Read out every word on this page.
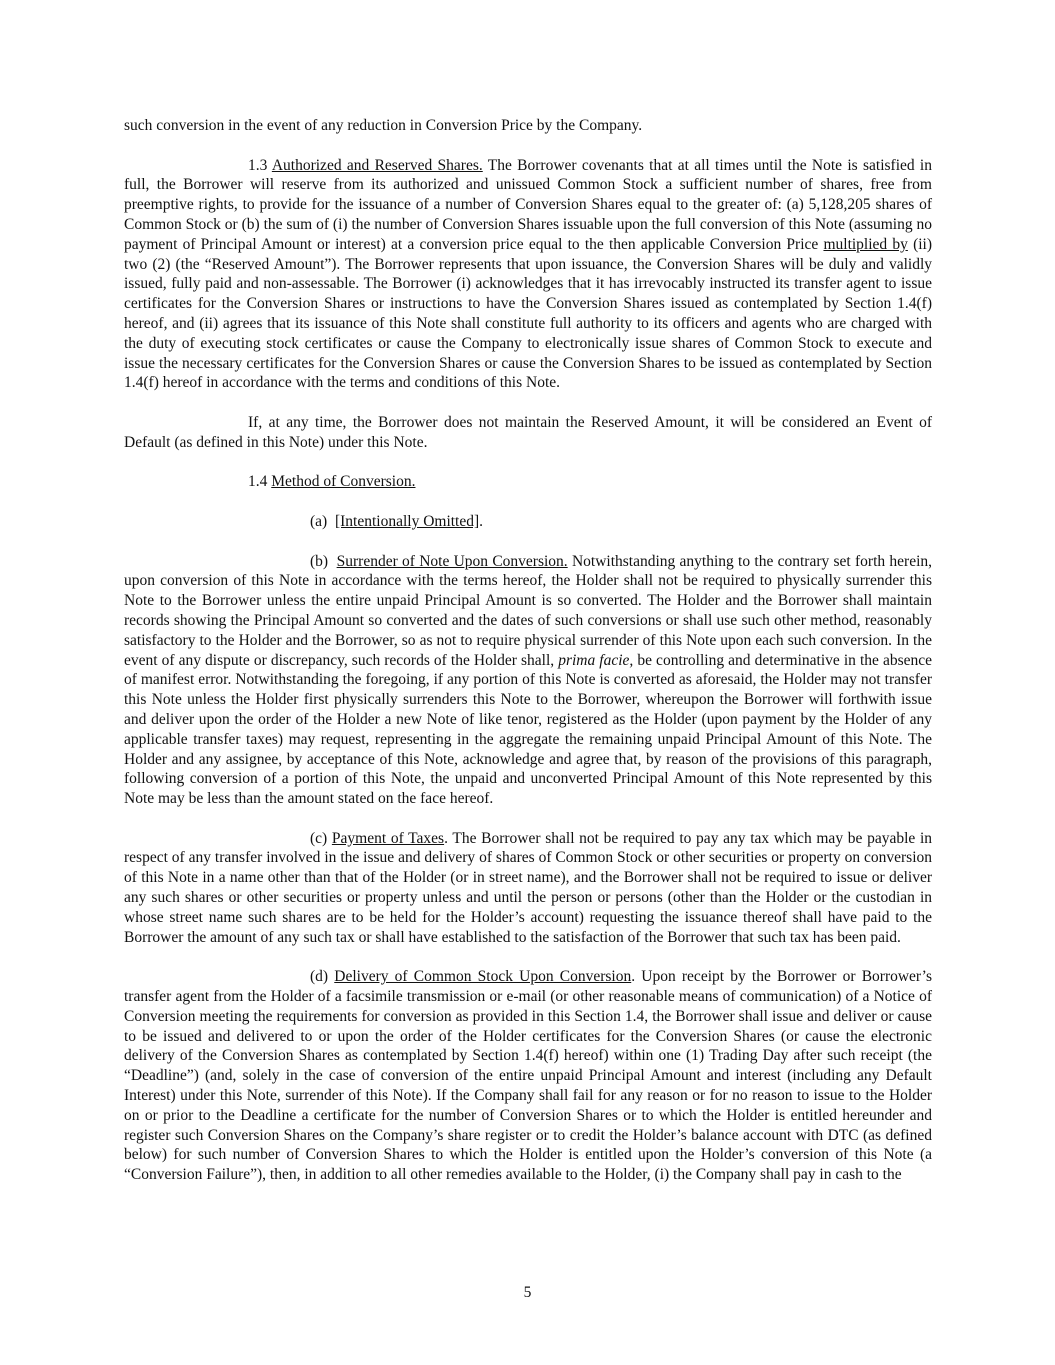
such conversion in the event of any reduction in Conversion Price by the Company.

1.3 Authorized and Reserved Shares. The Borrower covenants that at all times until the Note is satisfied in full, the Borrower will reserve from its authorized and unissued Common Stock a sufficient number of shares, free from preemptive rights, to provide for the issuance of a number of Conversion Shares equal to the greater of: (a) 5,128,205 shares of Common Stock or (b) the sum of (i) the number of Conversion Shares issuable upon the full conversion of this Note (assuming no payment of Principal Amount or interest) at a conversion price equal to the then applicable Conversion Price multiplied by (ii) two (2) (the “Reserved Amount”). The Borrower represents that upon issuance, the Conversion Shares will be duly and validly issued, fully paid and non-assessable. The Borrower (i) acknowledges that it has irrevocably instructed its transfer agent to issue certificates for the Conversion Shares or instructions to have the Conversion Shares issued as contemplated by Section 1.4(f) hereof, and (ii) agrees that its issuance of this Note shall constitute full authority to its officers and agents who are charged with the duty of executing stock certificates or cause the Company to electronically issue shares of Common Stock to execute and issue the necessary certificates for the Conversion Shares or cause the Conversion Shares to be issued as contemplated by Section 1.4(f) hereof in accordance with the terms and conditions of this Note.

If, at any time, the Borrower does not maintain the Reserved Amount, it will be considered an Event of Default (as defined in this Note) under this Note.

1.4 Method of Conversion.

(a) [Intentionally Omitted].

(b) Surrender of Note Upon Conversion. Notwithstanding anything to the contrary set forth herein, upon conversion of this Note in accordance with the terms hereof, the Holder shall not be required to physically surrender this Note to the Borrower unless the entire unpaid Principal Amount is so converted. The Holder and the Borrower shall maintain records showing the Principal Amount so converted and the dates of such conversions or shall use such other method, reasonably satisfactory to the Holder and the Borrower, so as not to require physical surrender of this Note upon each such conversion. In the event of any dispute or discrepancy, such records of the Holder shall, prima facie, be controlling and determinative in the absence of manifest error. Notwithstanding the foregoing, if any portion of this Note is converted as aforesaid, the Holder may not transfer this Note unless the Holder first physically surrenders this Note to the Borrower, whereupon the Borrower will forthwith issue and deliver upon the order of the Holder a new Note of like tenor, registered as the Holder (upon payment by the Holder of any applicable transfer taxes) may request, representing in the aggregate the remaining unpaid Principal Amount of this Note. The Holder and any assignee, by acceptance of this Note, acknowledge and agree that, by reason of the provisions of this paragraph, following conversion of a portion of this Note, the unpaid and unconverted Principal Amount of this Note represented by this Note may be less than the amount stated on the face hereof.

(c) Payment of Taxes. The Borrower shall not be required to pay any tax which may be payable in respect of any transfer involved in the issue and delivery of shares of Common Stock or other securities or property on conversion of this Note in a name other than that of the Holder (or in street name), and the Borrower shall not be required to issue or deliver any such shares or other securities or property unless and until the person or persons (other than the Holder or the custodian in whose street name such shares are to be held for the Holder’s account) requesting the issuance thereof shall have paid to the Borrower the amount of any such tax or shall have established to the satisfaction of the Borrower that such tax has been paid.

(d) Delivery of Common Stock Upon Conversion. Upon receipt by the Borrower or Borrower’s transfer agent from the Holder of a facsimile transmission or e-mail (or other reasonable means of communication) of a Notice of Conversion meeting the requirements for conversion as provided in this Section 1.4, the Borrower shall issue and deliver or cause to be issued and delivered to or upon the order of the Holder certificates for the Conversion Shares (or cause the electronic delivery of the Conversion Shares as contemplated by Section 1.4(f) hereof) within one (1) Trading Day after such receipt (the “Deadline”) (and, solely in the case of conversion of the entire unpaid Principal Amount and interest (including any Default Interest) under this Note, surrender of this Note). If the Company shall fail for any reason or for no reason to issue to the Holder on or prior to the Deadline a certificate for the number of Conversion Shares or to which the Holder is entitled hereunder and register such Conversion Shares on the Company’s share register or to credit the Holder’s balance account with DTC (as defined below) for such number of Conversion Shares to which the Holder is entitled upon the Holder’s conversion of this Note (a “Conversion Failure”), then, in addition to all other remedies available to the Holder, (i) the Company shall pay in cash to the

5
